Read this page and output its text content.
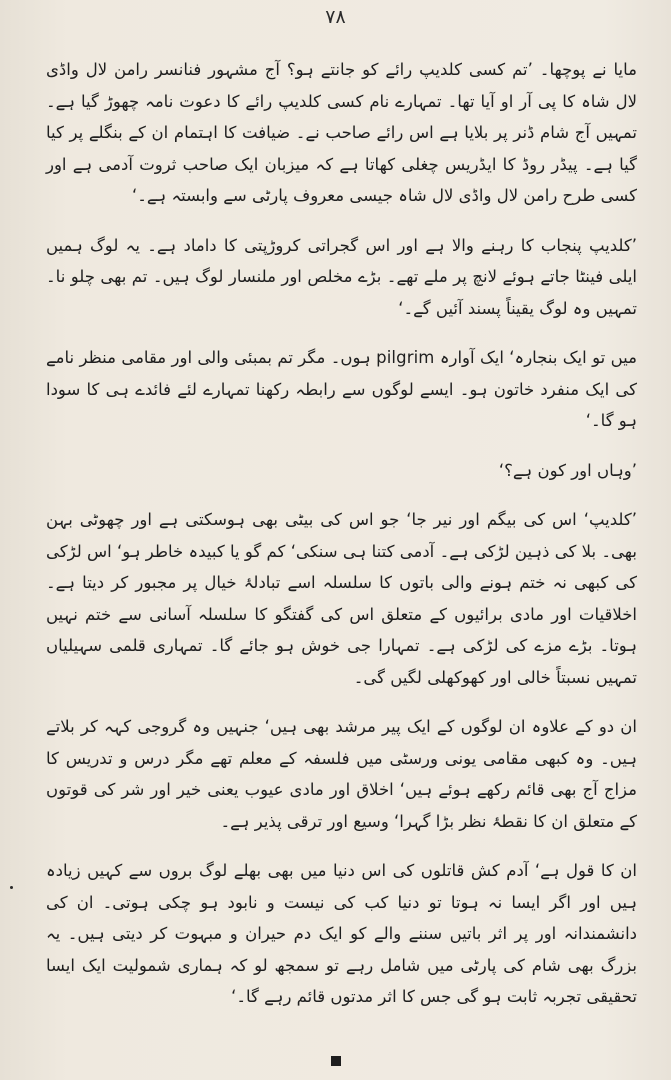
۷۸

مایا نے پوچھا۔ ’تم کسی کلدیپ رائے کو جانتے ہو؟ آج مشہور فنانسر رامن لال واڈی لال شاہ کا پی آر او آیا تھا۔ تمہارے نام کسی کلدیپ رائے کا دعوت نامہ چھوڑ گیا ہے۔ تمہیں آج شام ڈنر پر بلایا ہے اس رائے صاحب نے۔ ضیافت کا اہتمام ان کے بنگلے پر کیا گیا ہے۔ پیڈر روڈ کا ایڈریس چغلی کھاتا ہے کہ میزبان ایک صاحب ثروت آدمی ہے اور کسی طرح رامن لال واڈی لال شاہ جیسی معروف پارٹی سے وابستہ ہے۔‘

’کلدیپ پنجاب کا رہنے والا ہے اور اس گجراتی کروڑپتی کا داماد ہے۔ یہ لوگ ہمیں ایلی فینٹا جاتے ہوئے لانچ پر ملے تھے۔ بڑے مخلص اور ملنسار لوگ ہیں۔ تم بھی چلو نا۔ تمہیں وہ لوگ یقیناً پسند آئیں گے۔‘

میں تو ایک بنجارہ‘ ایک آوارہ pilgrim ہوں۔ مگر تم بمبئی والی اور مقامی منظر نامے کی ایک منفرد خاتون ہو۔ ایسے لوگوں سے رابطہ رکھنا تمہارے لئے فائدے ہی کا سودا ہو گا۔‘

’وہاں اور کون ہے؟‘

’کلدیپ‘ اس کی بیگم اور نیر جا‘ جو اس کی بیٹی بھی ہوسکتی ہے اور چھوٹی بہن بھی۔ بلا کی ذہین لڑکی ہے۔ آدمی کتنا ہی سنکی‘ کم گو یا کبیدہ خاطر ہو‘ اس لڑکی کی کبھی نہ ختم ہونے والی باتوں کا سلسلہ اسے تبادلۂ خیال پر مجبور کر دیتا ہے۔ اخلاقیات اور مادی برائیوں کے متعلق اس کی گفتگو کا سلسلہ آسانی سے ختم نہیں ہوتا۔ بڑے مزے کی لڑکی ہے۔ تمہارا جی خوش ہو جائے گا۔ تمہاری قلمی سہیلیاں تمہیں نسبتاً خالی اور کھوکھلی لگیں گی۔

ان دو کے علاوہ ان لوگوں کے ایک پیر مرشد بھی ہیں‘ جنہیں وہ گروجی کہہ کر بلاتے ہیں۔ وہ کبھی مقامی یونی ورسٹی میں فلسفہ کے معلم تھے مگر درس و تدریس کا مزاج آج بھی قائم رکھے ہوئے ہیں‘ اخلاق اور مادی عیوب یعنی خیر اور شر کی قوتوں کے متعلق ان کا نقطۂ نظر بڑا گہرا‘ وسیع اور ترقی پذیر ہے۔

ان کا قول ہے‘ آدم کش قاتلوں کی اس دنیا میں بھی بھلے لوگ بروں سے کہیں زیادہ ہیں اور اگر ایسا نہ ہوتا تو دنیا کب کی نیست و نابود ہو چکی ہوتی۔ ان کی دانشمندانہ اور پر اثر باتیں سننے والے کو ایک دم حیران و مبہوت کر دیتی ہیں۔ یہ بزرگ بھی شام کی پارٹی میں شامل رہے تو سمجھ لو کہ ہماری شمولیت ایک ایسا تحقیقی تجربہ ثابت ہو گی جس کا اثر مدتوں قائم رہے گا۔‘
